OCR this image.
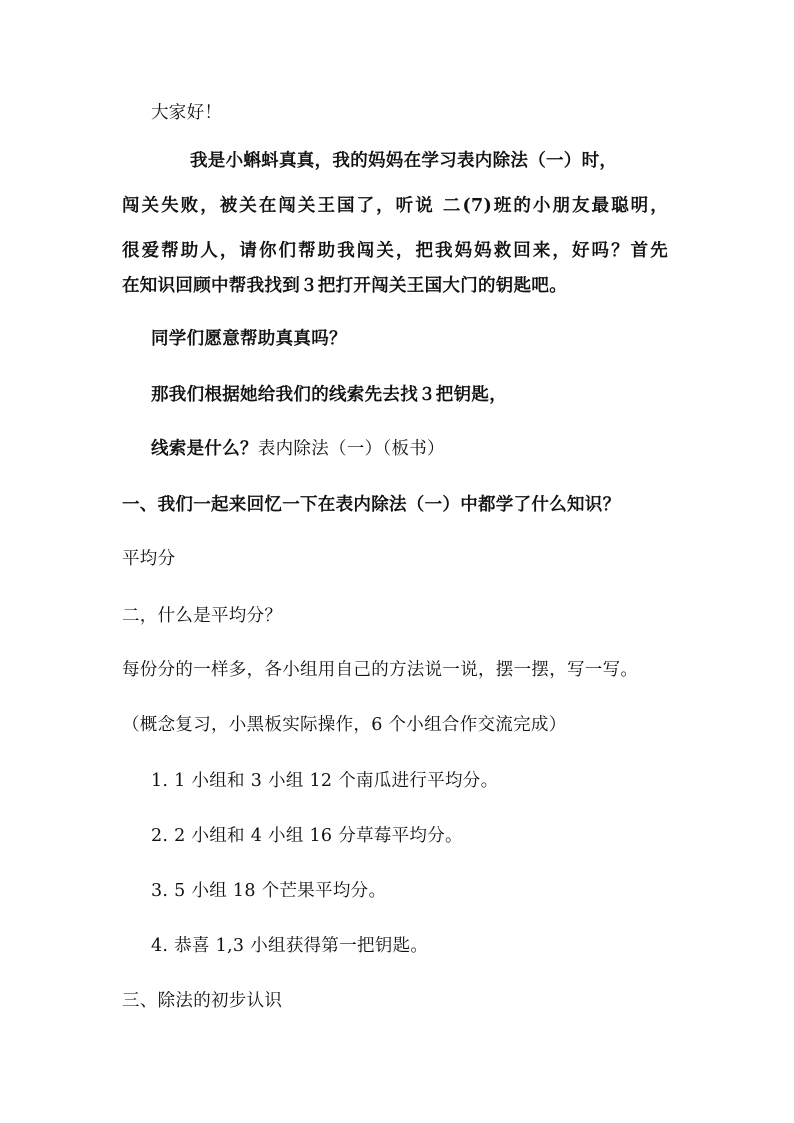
大家好！
我是小蝌蚪真真，我的妈妈在学习表内除法（一）时，
闯关失败，被关在闯关王国了，听说 二(7)班的小朋友最聪明，
很爱帮助人，请你们帮助我闯关，把我妈妈救回来，好吗？首先
在知识回顾中帮我找到３把打开闯关王国大门的钥匙吧。
同学们愿意帮助真真吗？
那我们根据她给我们的线索先去找３把钥匙，
线索是什么？表内除法（一）（板书）
一、我们一起来回忆一下在表内除法（一）中都学了什么知识？
平均分
二，什么是平均分？
每份分的一样多，各小组用自己的方法说一说，摆一摆，写一写。
（概念复习，小黑板实际操作，6 个小组合作交流完成）
1. 1 小组和 3 小组 12 个南瓜进行平均分。
2. 2 小组和 4 小组 16 分草莓平均分。
3. 5 小组 18 个芒果平均分。
4. 恭喜 1,3 小组获得第一把钥匙。
三、除法的初步认识
